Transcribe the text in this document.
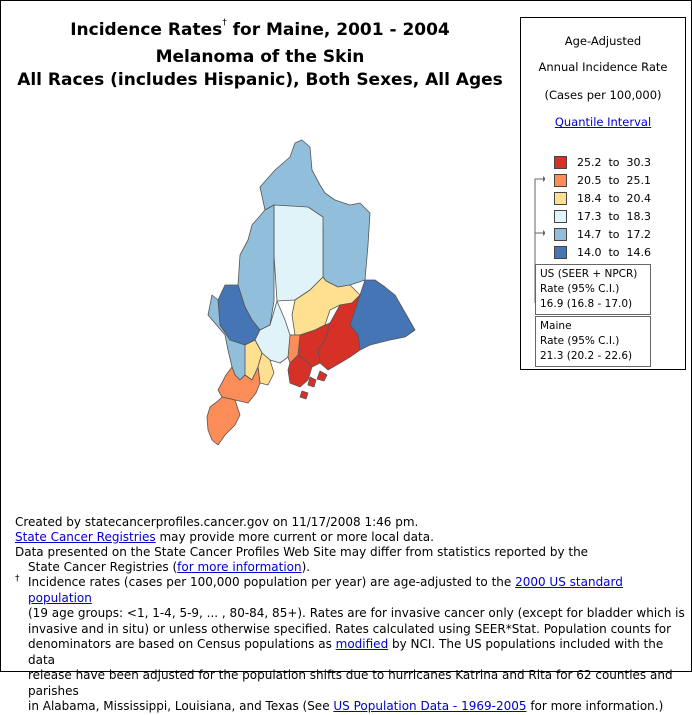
Incidence Rates† for Maine, 2001 - 2004
Melanoma of the Skin
All Races (includes Hispanic), Both Sexes, All Ages
Age-Adjusted
Annual Incidence Rate
(Cases per 100,000)
Quantile Interval
25.2  to  30.3
20.5  to  25.1
18.4  to  20.4
17.3  to  18.3
14.7  to  17.2
14.0  to  14.6
US (SEER + NPCR)
Rate (95% C.I.)
16.9 (16.8 - 17.0)
Maine
Rate (95% C.I.)
21.3 (20.2 - 22.6)
Created by statecancerprofiles.cancer.gov on 11/17/2008 1:46 pm.
State Cancer Registries may provide more current or more local data.
Data presented on the State Cancer Profiles Web Site may differ from statistics reported by the
State Cancer Registries (for more information).
† Incidence rates (cases per 100,000 population per year) are age-adjusted to the 2000 US standard population
(19 age groups: <1, 1-4, 5-9, ... , 80-84, 85+). Rates are for invasive cancer only (except for bladder which is
invasive and in situ) or unless otherwise specified. Rates calculated using SEER*Stat. Population counts for
denominators are based on Census populations as modified by NCI. The US populations included with the data
release have been adjusted for the population shifts due to hurricanes Katrina and Rita for 62 counties and parishes
in Alabama, Mississippi, Louisiana, and Texas (See US Population Data - 1969-2005 for more information.)
